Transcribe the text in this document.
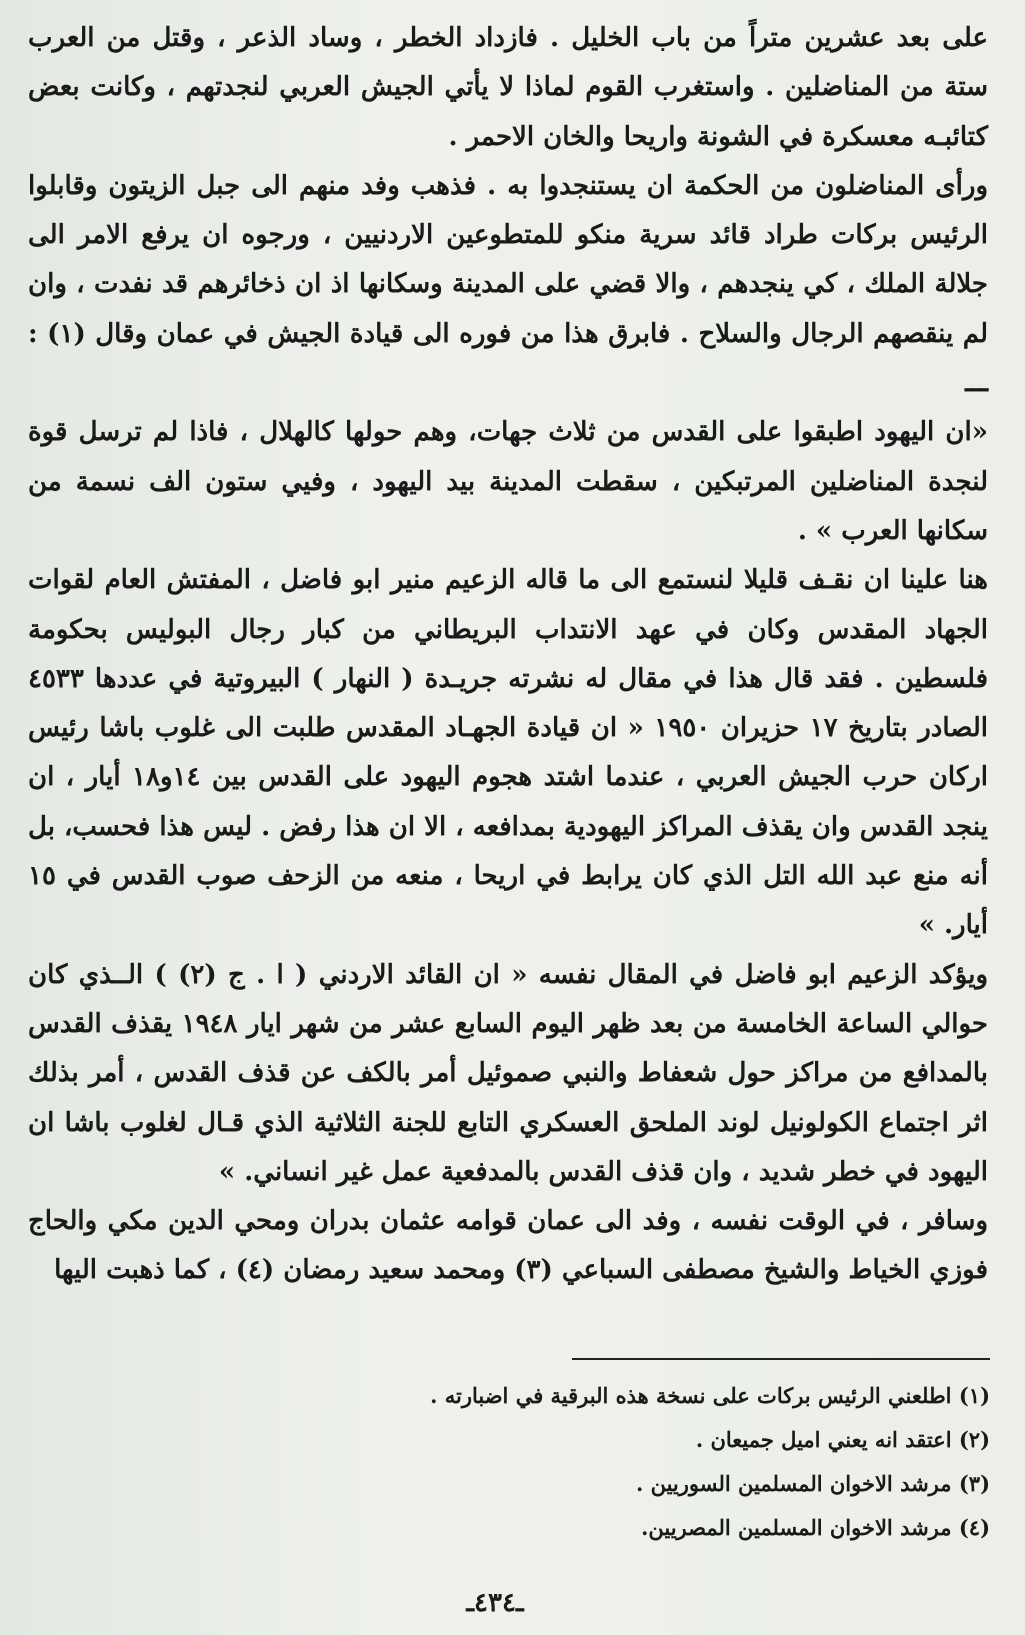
على بعد عشرين متراً من باب الخليل . فازداد الخطر ، وساد الذعر ، وقتل من العرب ستة من المناضلين . واستغرب القوم لماذا لا يأتي الجيش العربي لنجدتهم ، وكانت بعض كتائبـه معسكرة في الشونة واريحا والخان الاحمر .

ورأى المناضلون من الحكمة ان يستنجدوا به . فذهب وفد منهم الى جبل الزيتون وقابلوا الرئيس بركات طراد قائد سرية منكو للمتطوعين الاردنيين ، ورجوه ان يرفع الامر الى جلالة الملك ، كي ينجدهم ، والا قضي على المدينة وسكانها اذ ان ذخائرهم قد نفدت ، وان لم ينقصهم الرجال والسلاح . فابرق هذا من فوره الى قيادة الجيش في عمان وقال (١) : ـــ

«ان اليهود اطبقوا على القدس من ثلاث جهات، وهم حولها كالهلال ، فاذا لم ترسل قوة لنجدة المناضلين المرتبكين ، سقطت المدينة بيد اليهود ، وفيي ستون الف نسمة من سكانها العرب » .

هنا علينا ان نقـف قليلا لنستمع الى ما قاله الزعيم منير ابو فاضل ، المفتش العام لقوات الجهاد المقدس وكان في عهد الانتداب البريطاني من كبار رجال البوليس بحكومة فلسطين . فقد قال هذا في مقال له نشرته جريـدة ( النهار ) البيروتية في عددها ٤٥٣٣ الصادر بتاريخ ١٧ حزيران ١٩٥٠ « ان قيادة الجهـاد المقدس طلبت الى غلوب باشا رئيس اركان حرب الجيش العربي ، عندما اشتد هجوم اليهود على القدس بين ١٤و١٨ أيار ، ان ينجد القدس وان يقذف المراكز اليهودية بمدافعه ، الا ان هذا رفض . ليس هذا فحسب، بل أنه منع عبد الله التل الذي كان يرابط في اريحا ، منعه من الزحف صوب القدس في ١٥ أيار. »

ويؤكد الزعيم ابو فاضل في المقال نفسه « ان القائد الاردني ( ا . ج (٢) ) الــذي كان حوالي الساعة الخامسة من بعد ظهر اليوم السابع عشر من شهر ايار ١٩٤٨ يقذف القدس بالمدافع من مراكز حول شعفاط والنبي صموئيل أمر بالكف عن قذف القدس ، أمر بذلك اثر اجتماع الكولونيل لوند الملحق العسكري التابع للجنة الثلاثية الذي قـال لغلوب باشا ان اليهود في خطر شديد ، وان قذف القدس بالمدفعية عمل غير انساني. »

وسافر ، في الوقت نفسه ، وفد الى عمان قوامه عثمان بدران ومحي الدين مكي والحاج فوزي الخياط والشيخ مصطفى السباعي (٣) ومحمد سعيد رمضان (٤) ، كما ذهبت اليها

(١) اطلعني الرئيس بركات على نسخة هذه البرقية في اضبارته .

(٢) اعتقد انه يعني اميل جميعان .

(٣) مرشد الاخوان المسلمين السوريين .

(٤) مرشد الاخوان المسلمين المصريين.

ـ٤٣٤ـ
